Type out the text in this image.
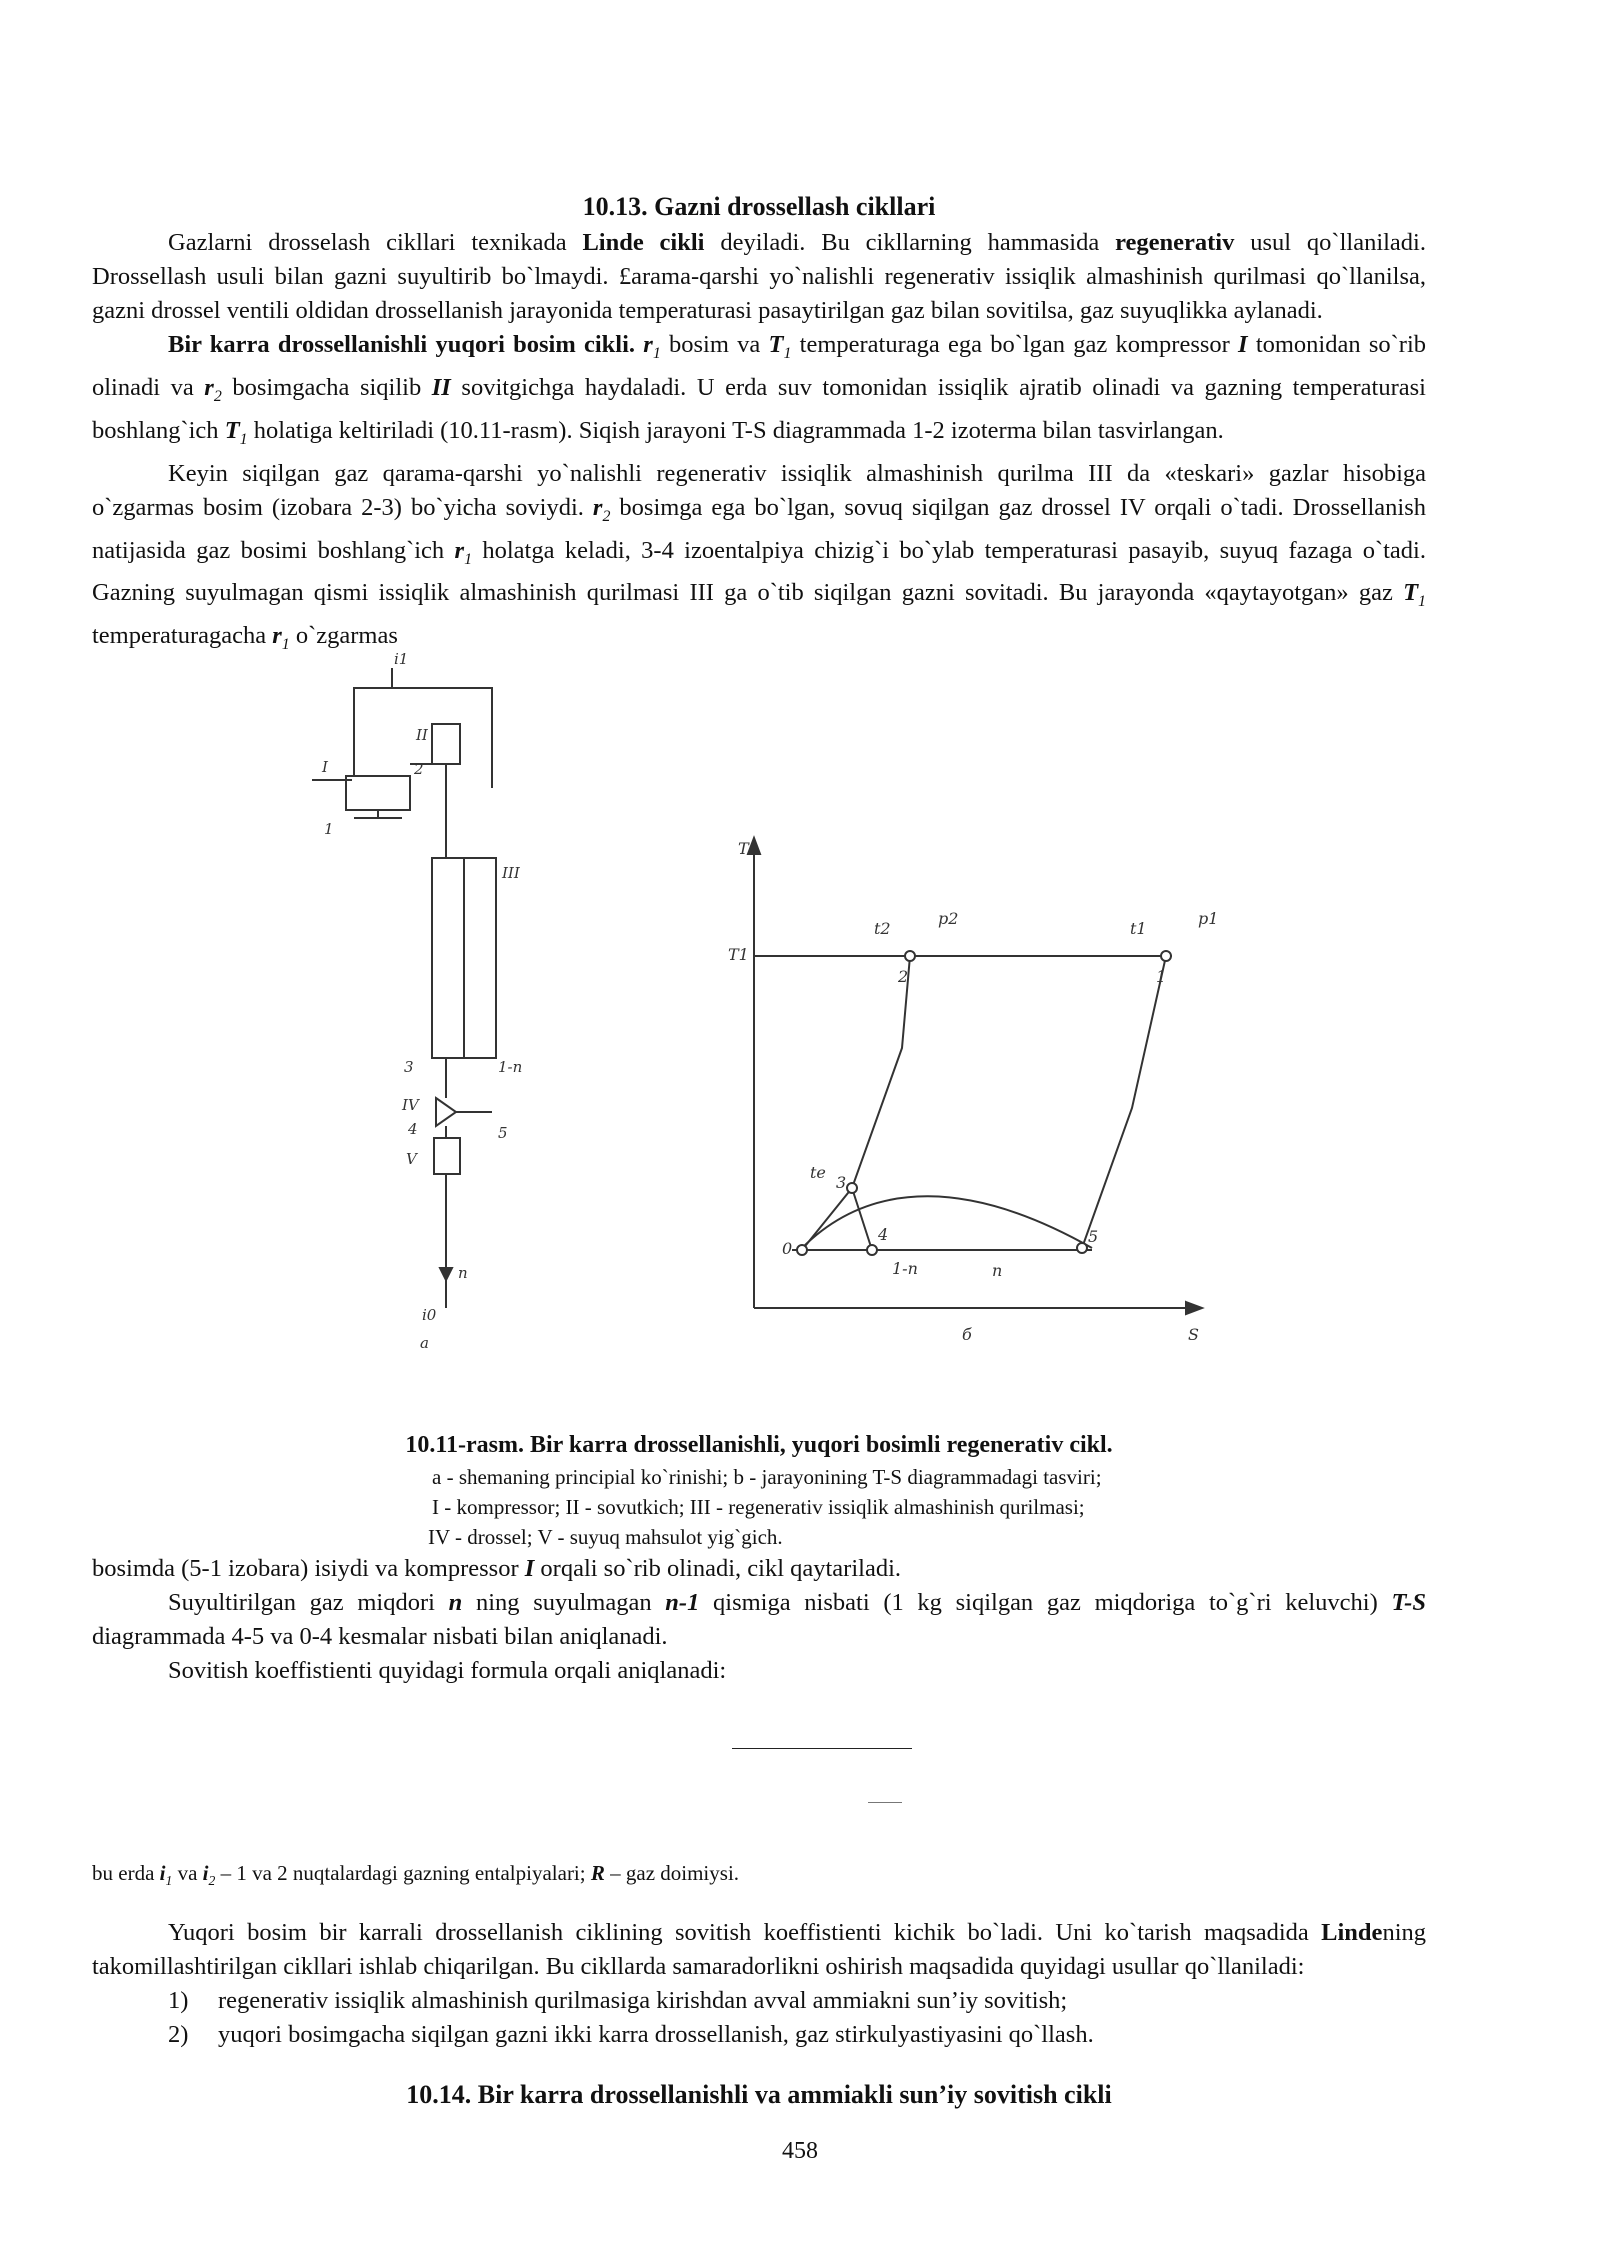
10.13. Gazni drossellash cikllari

Gazlarni drosselash cikllari texnikada Linde cikli deyiladi. Bu cikllarning hammasida regenerativ usul qo`llaniladi. Drossellash usuli bilan gazni suyultirib bo`lmaydi. £arama-qarshi yo`nalishli regenerativ issiqlik almashinish qurilmasi qo`llanilsa, gazni drossel ventili oldidan drossellanish jarayonida temperaturasi pasaytirilgan gaz bilan sovitilsa, gaz suyuqlikka aylanadi.

Bir karra drossellanishli yuqori bosim cikli. $r_1$ bosim va $T_1$ temperaturaga ega bo`lgan gaz kompressor I tomonidan so`rib olinadi va $r_2$ bosimgacha siqilib II sovitgichga haydaladi. U erda suv tomonidan issiqlik ajratib olinadi va gazning temperaturasi boshlang`ich $T_1$ holatiga keltiriladi (10.11-rasm). Siqish jarayoni T-S diagrammada 1-2 izoterma bilan tasvirlangan.

Keyin siqilgan gaz qarama-qarshi yo`nalishli regenerativ issiqlik almashinish qurilma III da «teskari» gazlar hisobiga o`zgarmas bosim (izobara 2-3) bo`yicha soviydi. $r_2$ bosimga ega bo`lgan, sovuq siqilgan gaz drossel IV orqali o`tadi. Drossellanish natijasida gaz bosimi boshlang`ich $r_1$ holatga keladi, 3-4 izoentalpiya chizig`i bo`ylab temperaturasi pasayib, suyuq fazaga o`tadi. Gazning suyulmagan qismi issiqlik almashinish qurilmasi III ga o`tib siqilgan gazni sovitadi. Bu jarayonda «qaytayotgan» gaz $T_1$ temperaturagacha $r_1$ o`zgarmas

i1
I
II
III
IV
V
1
2
3
4	5
n
1-n
i0
a
T
T1
S
t2
p2
t1
p1
1
2
3
4	5
0
te
1-n	n
б
10.11-rasm. Bir karra drossellanishli, yuqori bosimli regenerativ cikl.
a - shemaning principial ko`rinishi; b - jarayonining T-S diagrammadagi tasviri;
I - kompressor; II - sovutkich; III - regenerativ issiqlik almashinish qurilmasi;
IV - drossel; V - suyuq mahsulot yig`gich.

bosimda (5-1 izobara) isiydi va kompressor I orqali so`rib olinadi, cikl qaytariladi.

Suyultirilgan gaz miqdori n ning suyulmagan n-1 qismiga nisbati (1 kg siqilgan gaz miqdoriga to`g`ri keluvchi) T-S diagrammada 4-5 va 0-4 kesmalar nisbati bilan aniqlanadi.

Sovitish koeffistienti quyidagi formula orqali aniqlanadi:

bu erda $i_1$ va $i_2 - 1$ va 2 nuqtalardagi gazning entalpiyalari; R – gaz doimiysi.

Yuqori bosim bir karrali drossellanish ciklining sovitish koeffistienti kichik bo`ladi. Uni ko`tarish maqsadida Lindening takomillashtirilgan cikllari ishlab chiqarilgan. Bu cikllarda samaradorlikni oshirish maqsadida quyidagi usullar qo`llaniladi:

1)	regenerativ issiqlik almashinish qurilmasiga kirishdan avval ammiakni sun’iy sovitish;
2)	yuqori bosimgacha siqilgan gazni ikki karra drossellanish, gaz stirkulyastiyasini qo`llash.
10.14. Bir karra drossellanishli va ammiakli sun’iy sovitish cikli
458
